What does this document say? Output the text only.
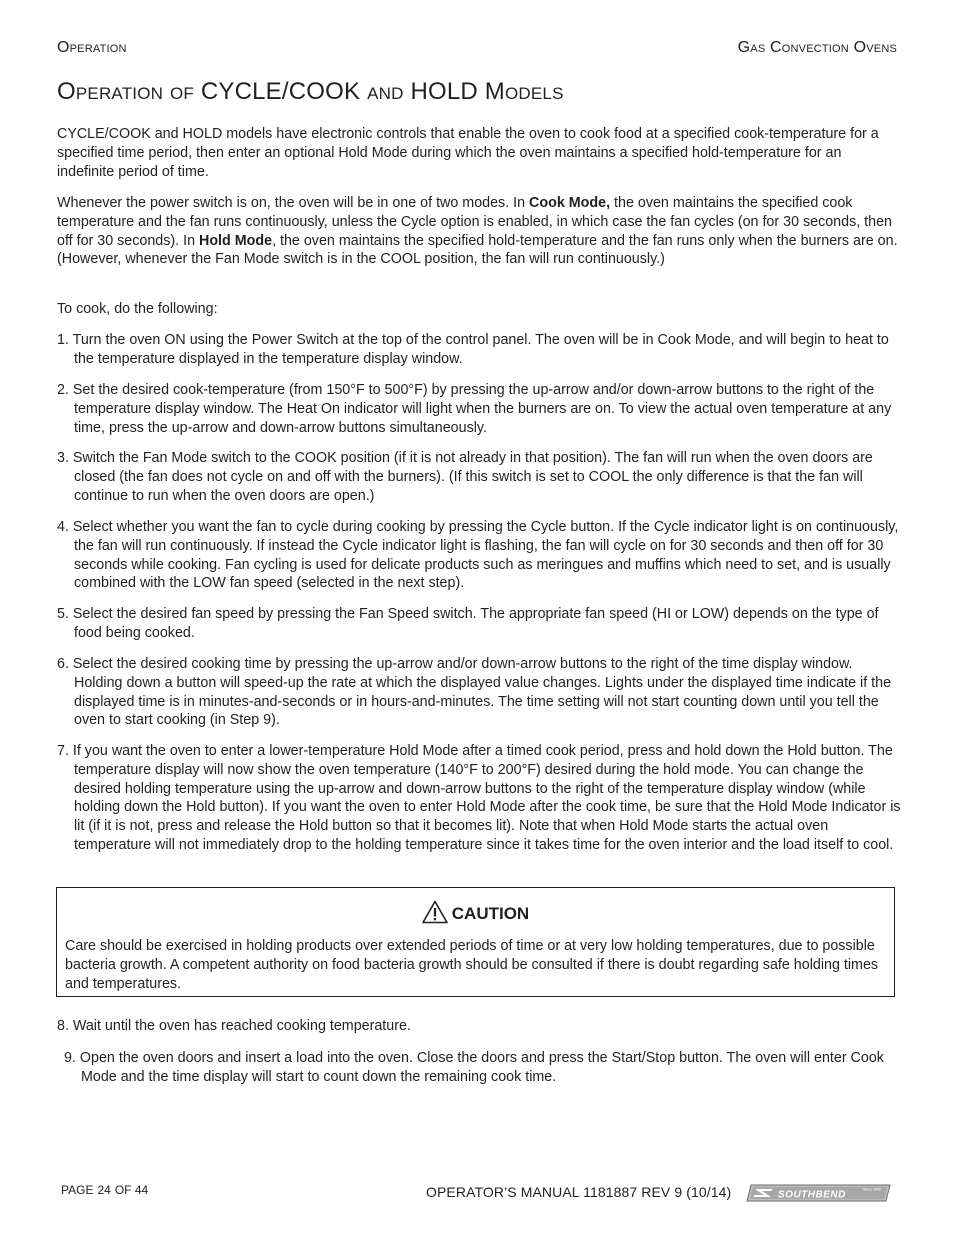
Operation	Gas Convection Ovens
Operation of CYCLE/COOK and HOLD Models

CYCLE/COOK and HOLD models have electronic controls that enable the oven to cook food at a specified cook-temperature for a specified time period, then enter an optional Hold Mode during which the oven maintains a specified hold-temperature for an indefinite period of time.

Whenever the power switch is on, the oven will be in one of two modes. In Cook Mode, the oven maintains the specified cook temperature and the fan runs continuously, unless the Cycle option is enabled, in which case the fan cycles (on for 30 seconds, then off for 30 seconds). In Hold Mode, the oven maintains the specified hold-temperature and the fan runs only when the burners are on. (However, whenever the Fan Mode switch is in the COOL position, the fan will run continuously.)

To cook, do the following:

1. Turn the oven ON using the Power Switch at the top of the control panel. The oven will be in Cook Mode, and will begin to heat to the temperature displayed in the temperature display window.

2. Set the desired cook-temperature (from 150°F to 500°F) by pressing the up-arrow and/or down-arrow buttons to the right of the temperature display window. The Heat On indicator will light when the burners are on. To view the actual oven temperature at any time, press the up-arrow and down-arrow buttons simultaneously.

3. Switch the Fan Mode switch to the COOK position (if it is not already in that position). The fan will run when the oven doors are closed (the fan does not cycle on and off with the burners). (If this switch is set to COOL the only difference is that the fan will continue to run when the oven doors are open.)

4. Select whether you want the fan to cycle during cooking by pressing the Cycle button. If the Cycle indicator light is on continuously, the fan will run continuously. If instead the Cycle indicator light is flashing, the fan will cycle on for 30 seconds and then off for 30 seconds while cooking. Fan cycling is used for delicate products such as meringues and muffins which need to set, and is usually combined with the LOW fan speed (selected in the next step).

5. Select the desired fan speed by pressing the Fan Speed switch. The appropriate fan speed (HI or LOW) depends on the type of food being cooked.

6. Select the desired cooking time by pressing the up-arrow and/or down-arrow buttons to the right of the time display window. Holding down a button will speed-up the rate at which the displayed value changes. Lights under the displayed time indicate if the displayed time is in minutes-and-seconds or in hours-and-minutes. The time setting will not start counting down until you tell the oven to start cooking (in Step 9).

7. If you want the oven to enter a lower-temperature Hold Mode after a timed cook period, press and hold down the Hold button. The temperature display will now show the oven temperature (140°F to 200°F) desired during the hold mode. You can change the desired holding temperature using the up-arrow and down-arrow buttons to the right of the temperature display window (while holding down the Hold button). If you want the oven to enter Hold Mode after the cook time, be sure that the Hold Mode Indicator is lit (if it is not, press and release the Hold button so that it becomes lit). Note that when Hold Mode starts the actual oven temperature will not immediately drop to the holding temperature since it takes time for the oven interior and the load itself to cool.

CAUTION

Care should be exercised in holding products over extended periods of time or at very low holding temperatures, due to possible bacteria growth. A competent authority on food bacteria growth should be consulted if there is doubt regarding safe holding times and temperatures.

8. Wait until the oven has reached cooking temperature.

9. Open the oven doors and insert a load into the oven. Close the doors and press the Start/Stop button. The oven will enter Cook Mode and the time display will start to count down the remaining cook time.

PAGE 24 OF 44	OPERATOR’S MANUAL 1181887 REV 9 (10/14)	Since 1898
SOUTHBEND
